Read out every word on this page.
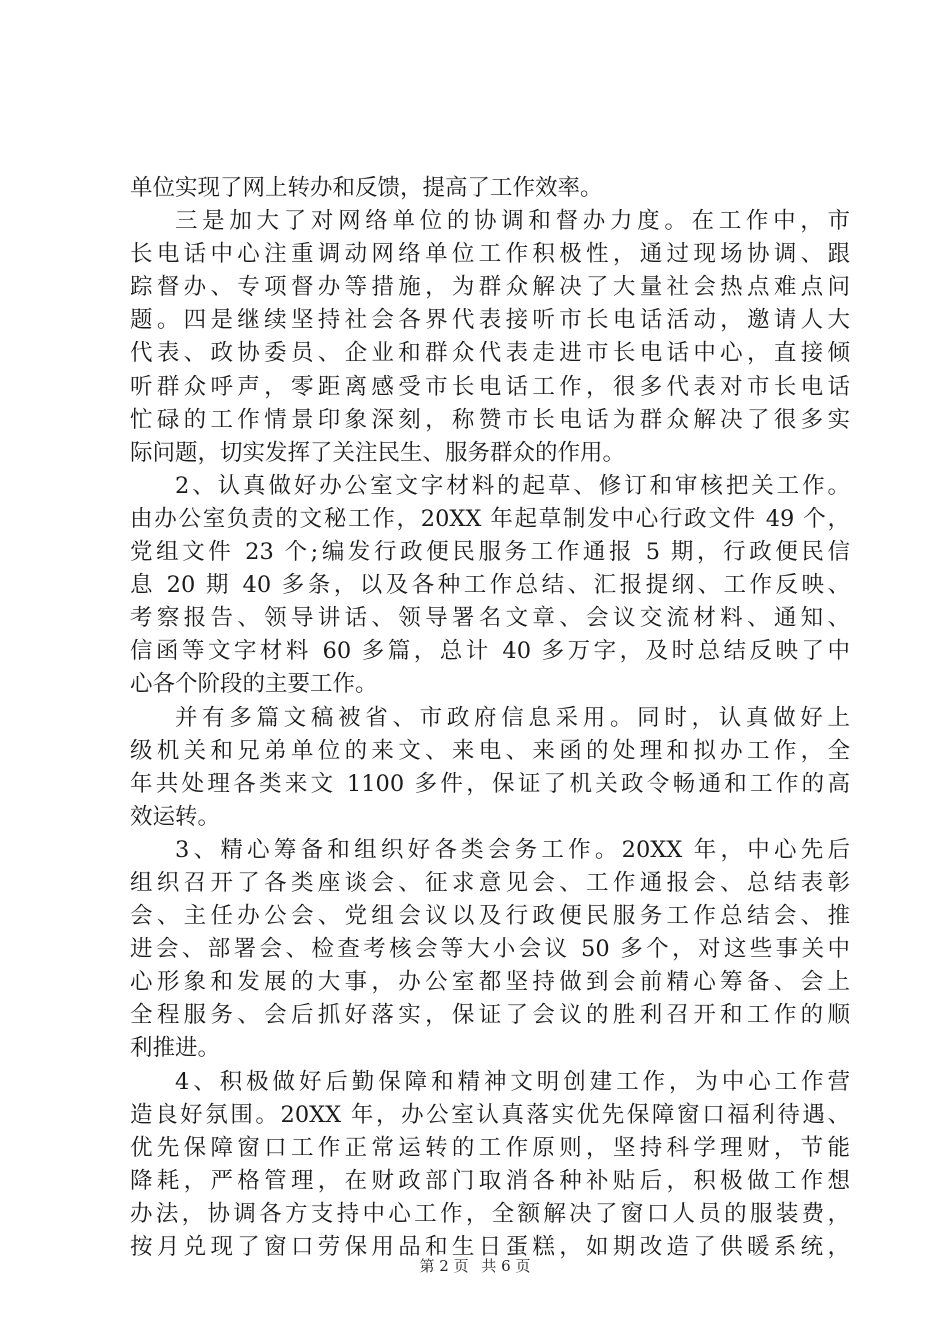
单位实现了网上转办和反馈，提高了工作效率。
三是加大了对网络单位的协调和督办力度。在工作中，市
长电话中心注重调动网络单位工作积极性，通过现场协调、跟
踪督办、专项督办等措施，为群众解决了大量社会热点难点问
题。四是继续坚持社会各界代表接听市长电话活动，邀请人大
代表、政协委员、企业和群众代表走进市长电话中心，直接倾
听群众呼声，零距离感受市长电话工作，很多代表对市长电话
忙碌的工作情景印象深刻，称赞市长电话为群众解决了很多实
际问题，切实发挥了关注民生、服务群众的作用。
2、认真做好办公室文字材料的起草、修订和审核把关工作。
由办公室负责的文秘工作，20XX 年起草制发中心行政文件 49 个，
党组文件 23 个;编发行政便民服务工作通报 5 期，行政便民信
息 20 期 40 多条，以及各种工作总结、汇报提纲、工作反映、
考察报告、领导讲话、领导署名文章、会议交流材料、通知、
信函等文字材料 60 多篇，总计 40 多万字，及时总结反映了中
心各个阶段的主要工作。
并有多篇文稿被省、市政府信息采用。同时，认真做好上
级机关和兄弟单位的来文、来电、来函的处理和拟办工作，全
年共处理各类来文 1100 多件，保证了机关政令畅通和工作的高
效运转。
3、精心筹备和组织好各类会务工作。20XX 年，中心先后
组织召开了各类座谈会、征求意见会、工作通报会、总结表彰
会、主任办公会、党组会议以及行政便民服务工作总结会、推
进会、部署会、检查考核会等大小会议 50 多个，对这些事关中
心形象和发展的大事，办公室都坚持做到会前精心筹备、会上
全程服务、会后抓好落实，保证了会议的胜利召开和工作的顺
利推进。
4、积极做好后勤保障和精神文明创建工作，为中心工作营
造良好氛围。20XX 年，办公室认真落实优先保障窗口福利待遇、
优先保障窗口工作正常运转的工作原则，坚持科学理财，节能
降耗，严格管理，在财政部门取消各种补贴后，积极做工作想
办法，协调各方支持中心工作，全额解决了窗口人员的服装费，
按月兑现了窗口劳保用品和生日蛋糕，如期改造了供暖系统，
第 2 页 共 6 页
